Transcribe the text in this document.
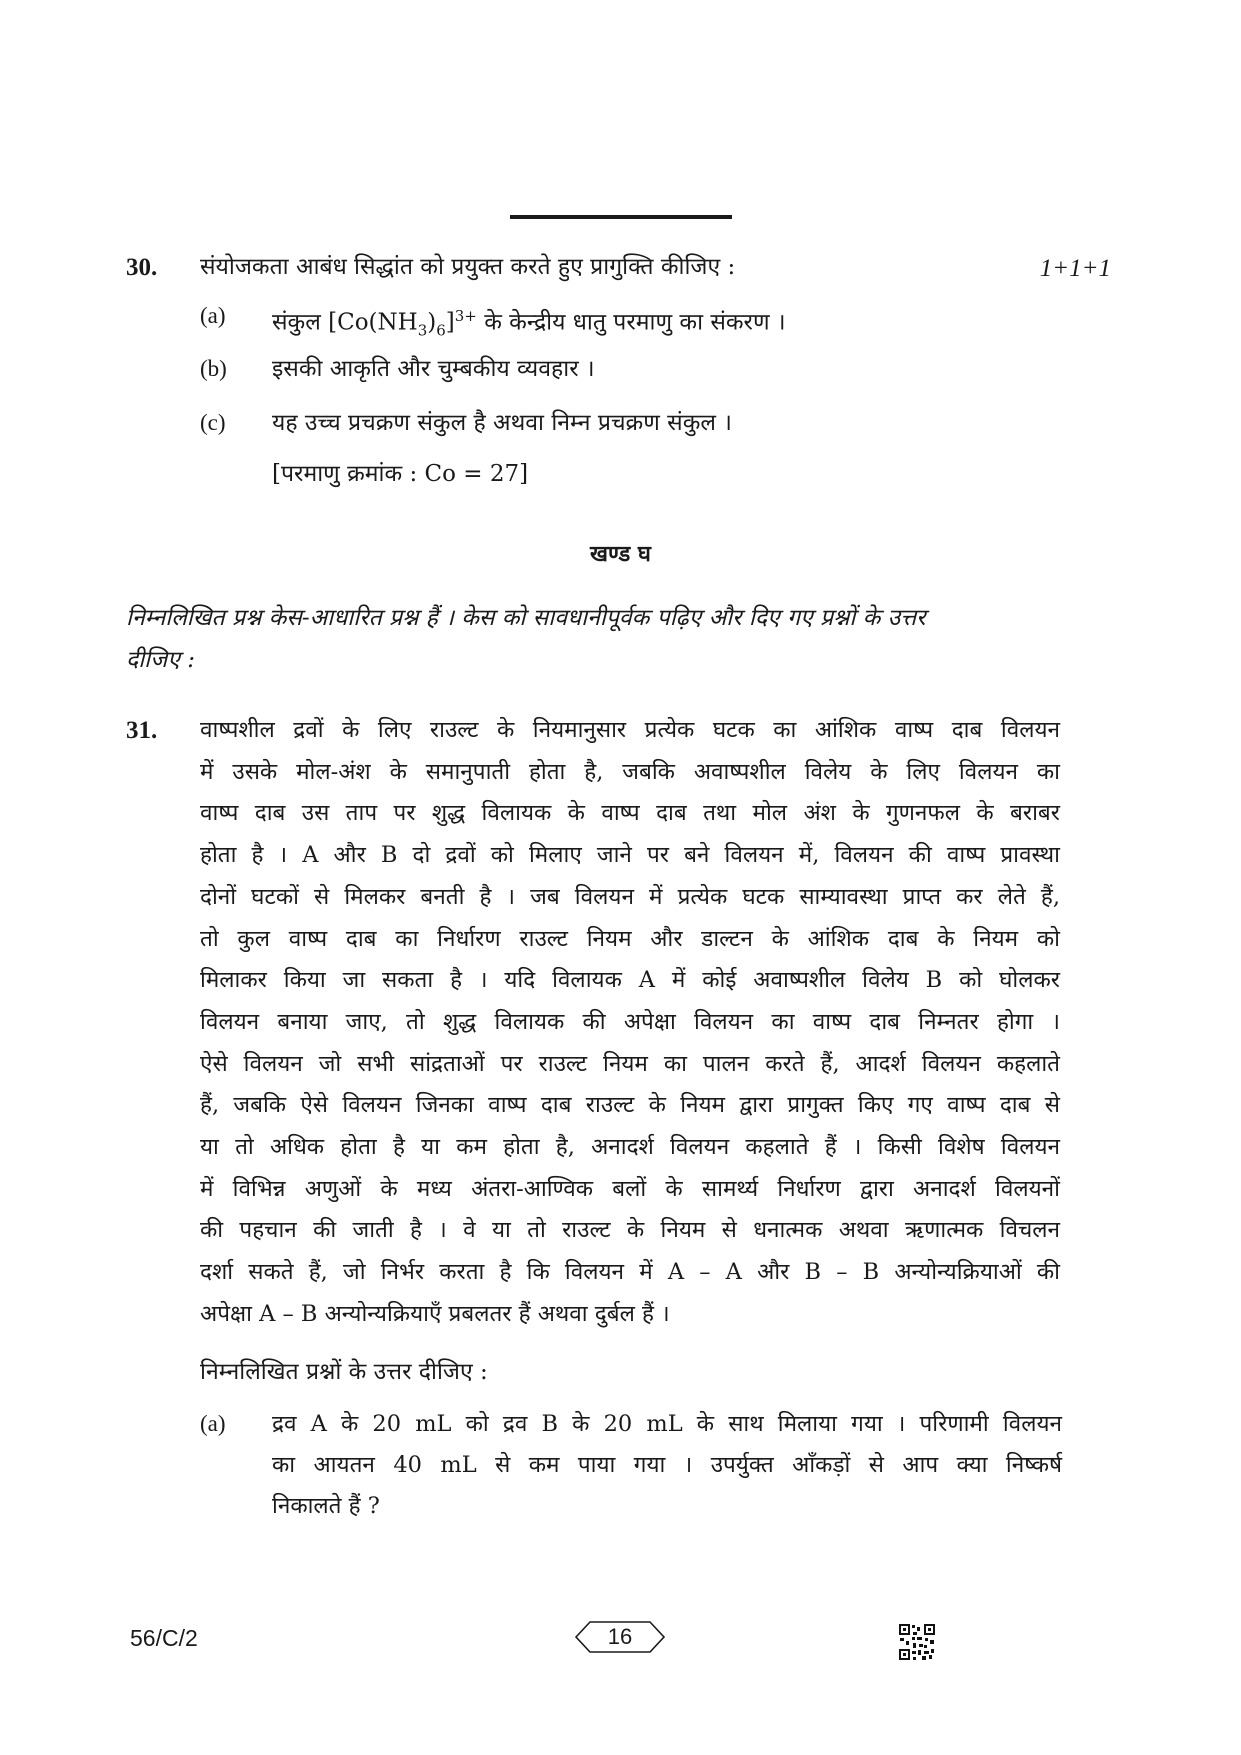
30. संयोजकता आबंध सिद्धांत को प्रयुक्त करते हुए प्रागुक्ति कीजिए :	1+1+1
(a) संकुल $[Co(NH_3)_6]^{3+}$ के केन्द्रीय धातु परमाणु का संकरण ।
(b) इसकी आकृति और चुम्बकीय व्यवहार ।
(c) यह उच्च प्रचक्रण संकुल है अथवा निम्न प्रचक्रण संकुल ।
[परमाणु क्रमांक : Co = 27]
खण्ड घ
निम्नलिखित प्रश्न केस-आधारित प्रश्न हैं । केस को सावधानीपूर्वक पढ़िए और दिए गए प्रश्नों के उत्तर
दीजिए :
31. वाष्पशील द्रवों के लिए राउल्ट के नियमानुसार प्रत्येक घटक का आंशिक वाष्प दाब विलयन
में उसके मोल-अंश के समानुपाती होता है, जबकि अवाष्पशील विलेय के लिए विलयन का
वाष्प दाब उस ताप पर शुद्ध विलायक के वाष्प दाब तथा मोल अंश के गुणनफल के बराबर
होता है । A और B दो द्रवों को मिलाए जाने पर बने विलयन में, विलयन की वाष्प प्रावस्था
दोनों घटकों से मिलकर बनती है । जब विलयन में प्रत्येक घटक साम्यावस्था प्राप्त कर लेते हैं,
तो कुल वाष्प दाब का निर्धारण राउल्ट नियम और डाल्टन के आंशिक दाब के नियम को
मिलाकर किया जा सकता है । यदि विलायक A में कोई अवाष्पशील विलेय B को घोलकर
विलयन बनाया जाए, तो शुद्ध विलायक की अपेक्षा विलयन का वाष्प दाब निम्नतर होगा ।
ऐसे विलयन जो सभी सांद्रताओं पर राउल्ट नियम का पालन करते हैं, आदर्श विलयन कहलाते
हैं, जबकि ऐसे विलयन जिनका वाष्प दाब राउल्ट के नियम द्वारा प्रागुक्त किए गए वाष्प दाब से
या तो अधिक होता है या कम होता है, अनादर्श विलयन कहलाते हैं । किसी विशेष विलयन
में विभिन्न अणुओं के मध्य अंतरा-आण्विक बलों के सामर्थ्य निर्धारण द्वारा अनादर्श विलयनों
की पहचान की जाती है । वे या तो राउल्ट के नियम से धनात्मक अथवा ऋणात्मक विचलन
दर्शा सकते हैं, जो निर्भर करता है कि विलयन में A – A और B – B अन्योन्यक्रियाओं की
अपेक्षा A – B अन्योन्यक्रियाएँ प्रबलतर हैं अथवा दुर्बल हैं ।
निम्नलिखित प्रश्नों के उत्तर दीजिए :
(a) द्रव A के 20 mL को द्रव B के 20 mL के साथ मिलाया गया । परिणामी विलयन
का आयतन 40 mL से कम पाया गया । उपर्युक्त आँकड़ों से आप क्या निष्कर्ष
निकालते हैं ?
56/C/2	16
